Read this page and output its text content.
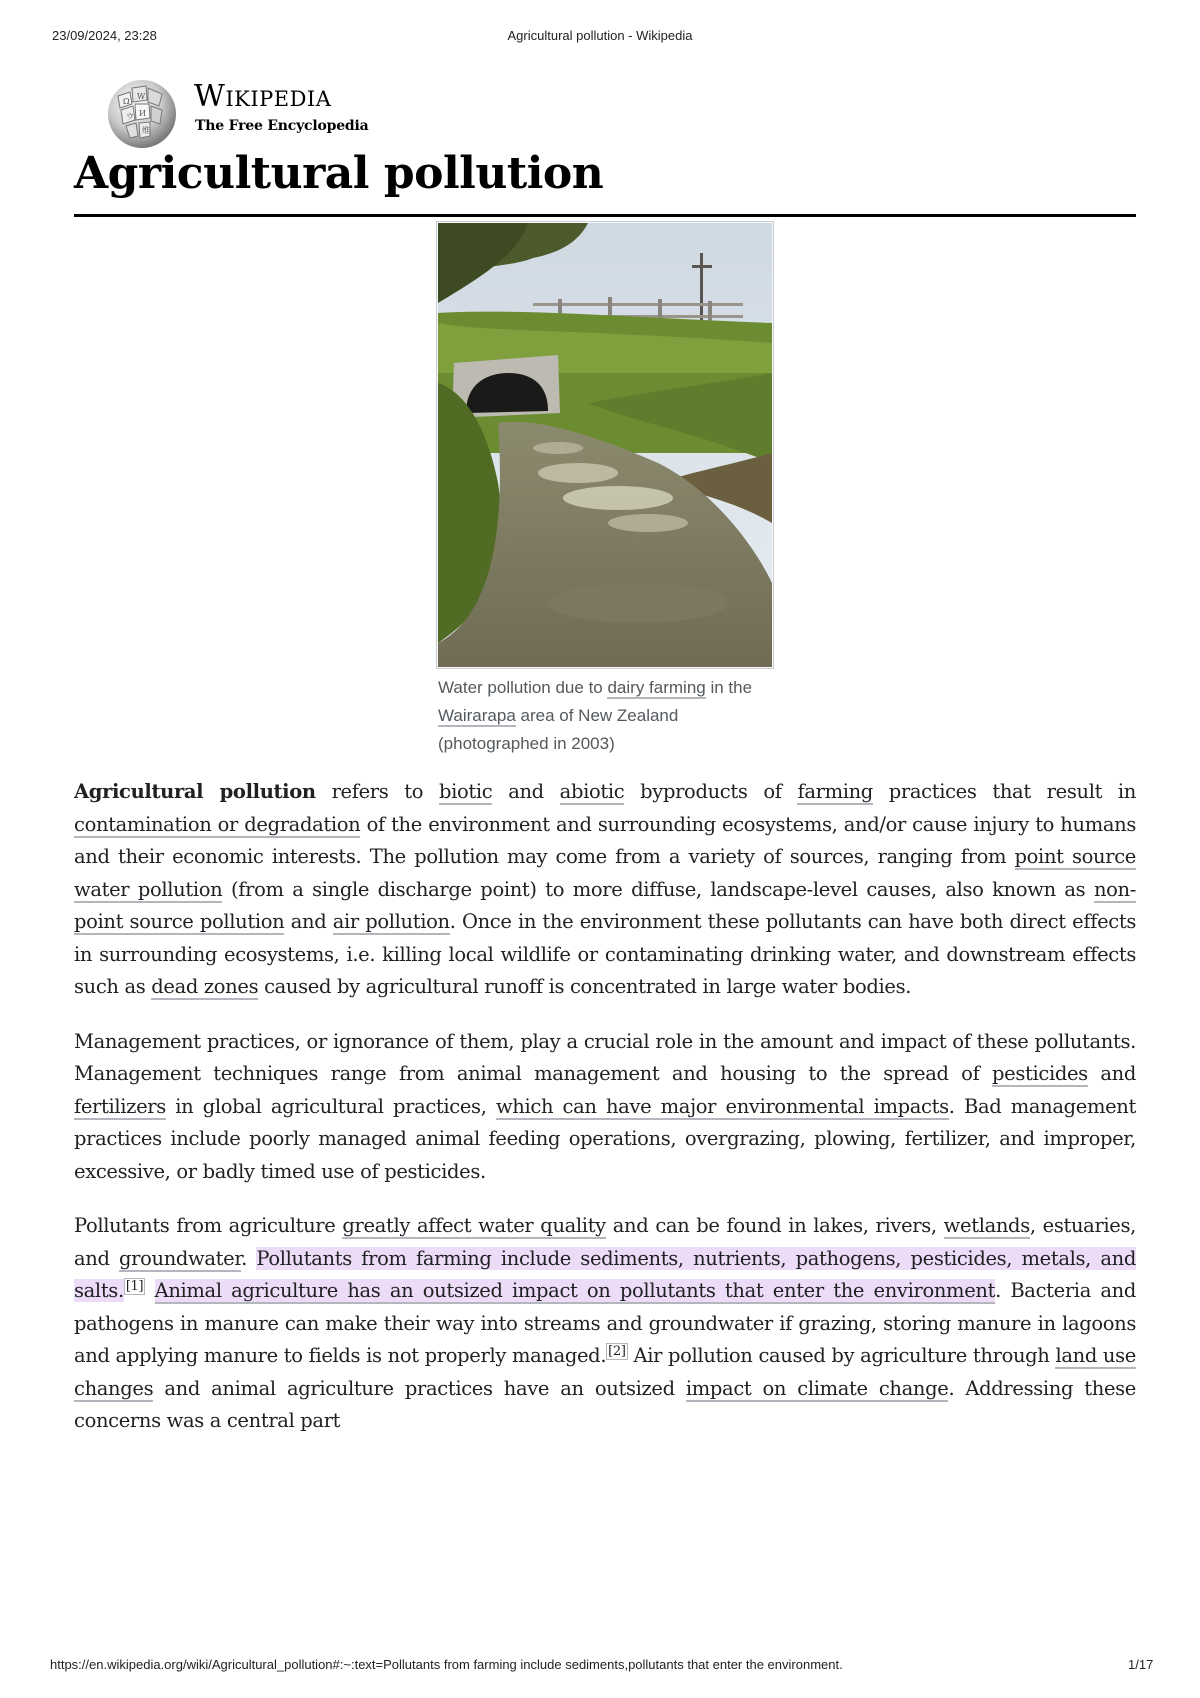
23/09/2024, 23:28	Agricultural pollution - Wikipedia
Ω
W
И
ウ
维
Wikipedia
The Free Encyclopedia
Agricultural pollution
Water pollution due to dairy farming in the Wairarapa area of New Zealand (photographed in 2003)

Agricultural pollution refers to biotic and abiotic byproducts of farming practices that result in contamination or degradation of the environment and surrounding ecosystems, and/or cause injury to humans and their economic interests. The pollution may come from a variety of sources, ranging from point source water pollution (from a single discharge point) to more diffuse, landscape-level causes, also known as non-point source pollution and air pollution. Once in the environment these pollutants can have both direct effects in surrounding ecosystems, i.e. killing local wildlife or contaminating drinking water, and downstream effects such as dead zones caused by agricultural runoff is concentrated in large water bodies.

Management practices, or ignorance of them, play a crucial role in the amount and impact of these pollutants. Management techniques range from animal management and housing to the spread of pesticides and fertilizers in global agricultural practices, which can have major environmental impacts. Bad management practices include poorly managed animal feeding operations, overgrazing, plowing, fertilizer, and improper, excessive, or badly timed use of pesticides.

Pollutants from agriculture greatly affect water quality and can be found in lakes, rivers, wetlands, estuaries, and groundwater. Pollutants from farming include sediments, nutrients, pathogens, pesticides, metals, and salts. [1] Animal agriculture has an outsized impact on pollutants that enter the environment. Bacteria and pathogens in manure can make their way into streams and groundwater if grazing, storing manure in lagoons and applying manure to fields is not properly managed. [2] Air pollution caused by agriculture through land use changes and animal agriculture practices have an outsized impact on climate change. Addressing these concerns was a central part

https://en.wikipedia.org/wiki/Agricultural_pollution#:~:text=Pollutants from farming include sediments,pollutants that enter the environment.	1/17
